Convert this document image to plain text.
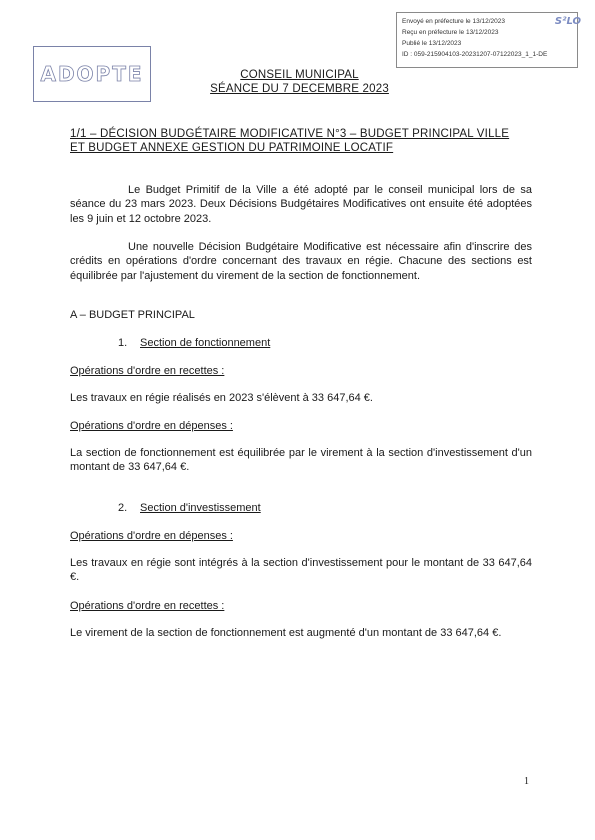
ADOPTE
Envoyé en préfecture le 13/12/2023
Reçu en préfecture le 13/12/2023
Publié le 13/12/2023
ID : 059-215904103-20231207-07122023_1_1-DE
S²LO
CONSEIL MUNICIPAL
SÉANCE DU 7 DECEMBRE 2023
1/1 – DÉCISION BUDGÉTAIRE MODIFICATIVE N°3 – BUDGET PRINCIPAL VILLE
ET BUDGET ANNEXE GESTION DU PATRIMOINE LOCATIF
Le Budget Primitif de la Ville a été adopté par le conseil municipal lors de sa séance du 23 mars 2023. Deux Décisions Budgétaires Modificatives ont ensuite été adoptées les 9 juin et 12 octobre 2023.
Une nouvelle Décision Budgétaire Modificative est nécessaire afin d'inscrire des crédits en opérations d'ordre concernant des travaux en régie. Chacune des sections est équilibrée par l'ajustement du virement de la section de fonctionnement.
A – BUDGET PRINCIPAL
1. Section de fonctionnement
Opérations d'ordre en recettes :
Les travaux en régie réalisés en 2023 s'élèvent à 33 647,64 €.
Opérations d'ordre en dépenses :
La section de fonctionnement est équilibrée par le virement à la section d'investissement d'un montant de 33 647,64 €.
2. Section d'investissement
Opérations d'ordre en dépenses :
Les travaux en régie sont intégrés à la section d'investissement pour le montant de 33 647,64 €.
Opérations d'ordre en recettes :
Le virement de la section de fonctionnement est augmenté d'un montant de 33 647,64 €.
1
